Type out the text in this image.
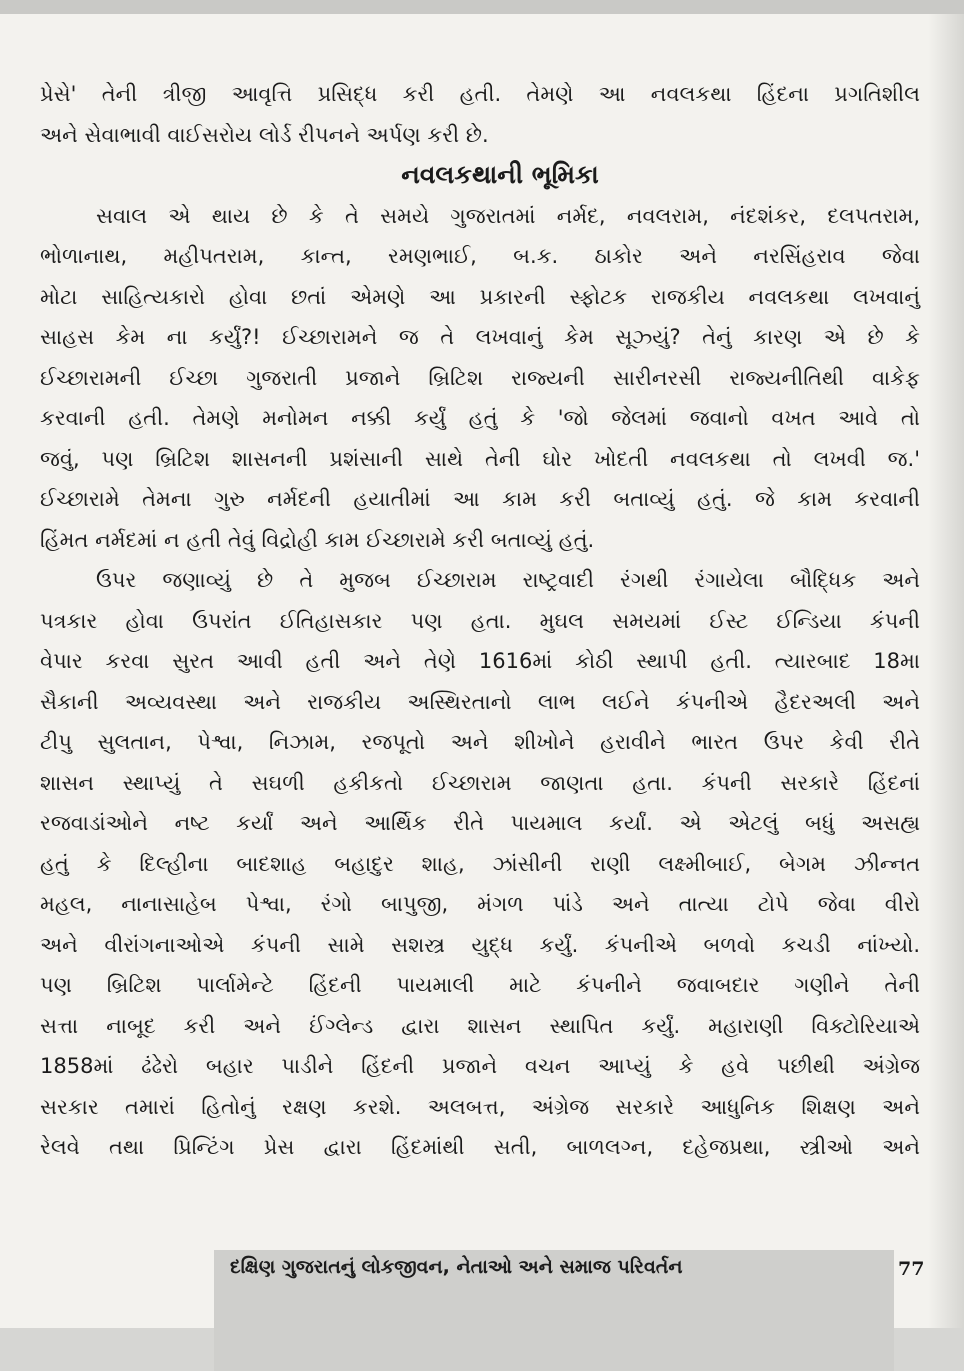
પ્રેસે' તેની ત્રીજી આવૃત્તિ પ્રસિદ્ધ કરી હતી. તેમણે આ નવલકથા હિંદના પ્રગતિશીલ
અને સેવાભાવી વાઈસરોય લોર્ડ રીપનને અર્પણ કરી છે.
નવલકથાની ભૂમિકા
સવાલ એ થાય છે કે તે સમયે ગુજરાતમાં નર્મદ, નવલરામ, નંદશંકર, દલપતરામ,
ભોળાનાથ, મહીપતરામ, કાન્ત, રમણભાઈ, બ.ક. ઠાકોર અને નરસિંહરાવ જેવા
મોટા સાહિત્યકારો હોવા છતાં એમણે આ પ્રકારની સ્ફોટક રાજકીય નવલકથા લખવાનું
સાહસ કેમ ના કર્યું?! ઈચ્છારામને જ તે લખવાનું કેમ સૂઝ્યું? તેનું કારણ એ છે કે
ઈચ્છારામની ઈચ્છા ગુજરાતી પ્રજાને બ્રિટિશ રાજ્યની સારીનરસી રાજ્યનીતિથી વાકેફ
કરવાની હતી. તેમણે મનોમન નક્કી કર્યું હતું કે 'જો જેલમાં જવાનો વખત આવે તો
જવું, પણ બ્રિટિશ શાસનની પ્રશંસાની સાથે તેની ઘોર ખોદતી નવલકથા તો લખવી જ.'
ઈચ્છારામે તેમના ગુરુ નર્મદની હયાતીમાં આ કામ કરી બતાવ્યું હતું. જે કામ કરવાની
હિંમત નર્મદમાં ન હતી તેવું વિદ્રોહી કામ ઈચ્છારામે કરી બતાવ્યું હતું.
ઉપર જણાવ્યું છે તે મુજબ ઈચ્છારામ રાષ્ટ્રવાદી રંગથી રંગાયેલા બૌદ્ધિક અને
પત્રકાર હોવા ઉપરાંત ઈતિહાસકાર પણ હતા. મુઘલ સમયમાં ઈસ્ટ ઈન્ડિયા કંપની
વેપાર કરવા સુરત આવી હતી અને તેણે 1616માં કોઠી સ્થાપી હતી. ત્યારબાદ 18મા
સૈકાની અવ્યવસ્થા અને રાજકીય અસ્થિરતાનો લાભ લઈને કંપનીએ હૈદરઅલી અને
ટીપુ સુલતાન, પેશ્વા, નિઝામ, રજપૂતો અને શીખોને હરાવીને ભારત ઉપર કેવી રીતે
શાસન સ્થાપ્યું તે સઘળી હકીકતો ઈચ્છારામ જાણતા હતા. કંપની સરકારે હિંદનાં
રજવાડાંઓને નષ્ટ કર્યાં અને આર્થિક રીતે પાયમાલ કર્યાં. એ એટલું બધું અસહ્ય
હતું કે દિલ્હીના બાદશાહ બહાદુર શાહ, ઝાંસીની રાણી લક્ષ્મીબાઈ, બેગમ ઝીન્નત
મહલ, નાનાસાહેબ પેશ્વા, રંગો બાપુજી, મંગળ પાંડે અને તાત્યા ટોપે જેવા વીરો
અને વીરાંગનાઓએ કંપની સામે સશસ્ત્ર યુદ્ધ કર્યું. કંપનીએ બળવો કચડી નાંખ્યો.
પણ બ્રિટિશ પાર્લામેન્ટે હિંદની પાયમાલી માટે કંપનીને જવાબદાર ગણીને તેની
સત્તા નાબૂદ કરી અને ઈંગ્લેન્ડ દ્વારા શાસન સ્થાપિત કર્યું. મહારાણી વિક્ટોરિયાએ
1858માં ઢંઢેરો બહાર પાડીને હિંદની પ્રજાને વચન આપ્યું કે હવે પછીથી અંગ્રેજ
સરકાર તમારાં હિતોનું રક્ષણ કરશે. અલબત્ત, અંગ્રેજ સરકારે આધુનિક શિક્ષણ અને
રેલવે તથા પ્રિન્ટિંગ પ્રેસ દ્વારા હિંદમાંથી સતી, બાળલગ્ન, દહેજપ્રથા, સ્ત્રીઓ અને
દક્ષિણ ગુજરાતનું લોકજીવન, નેતાઓ અને સમાજ પરિવર્તન	77
